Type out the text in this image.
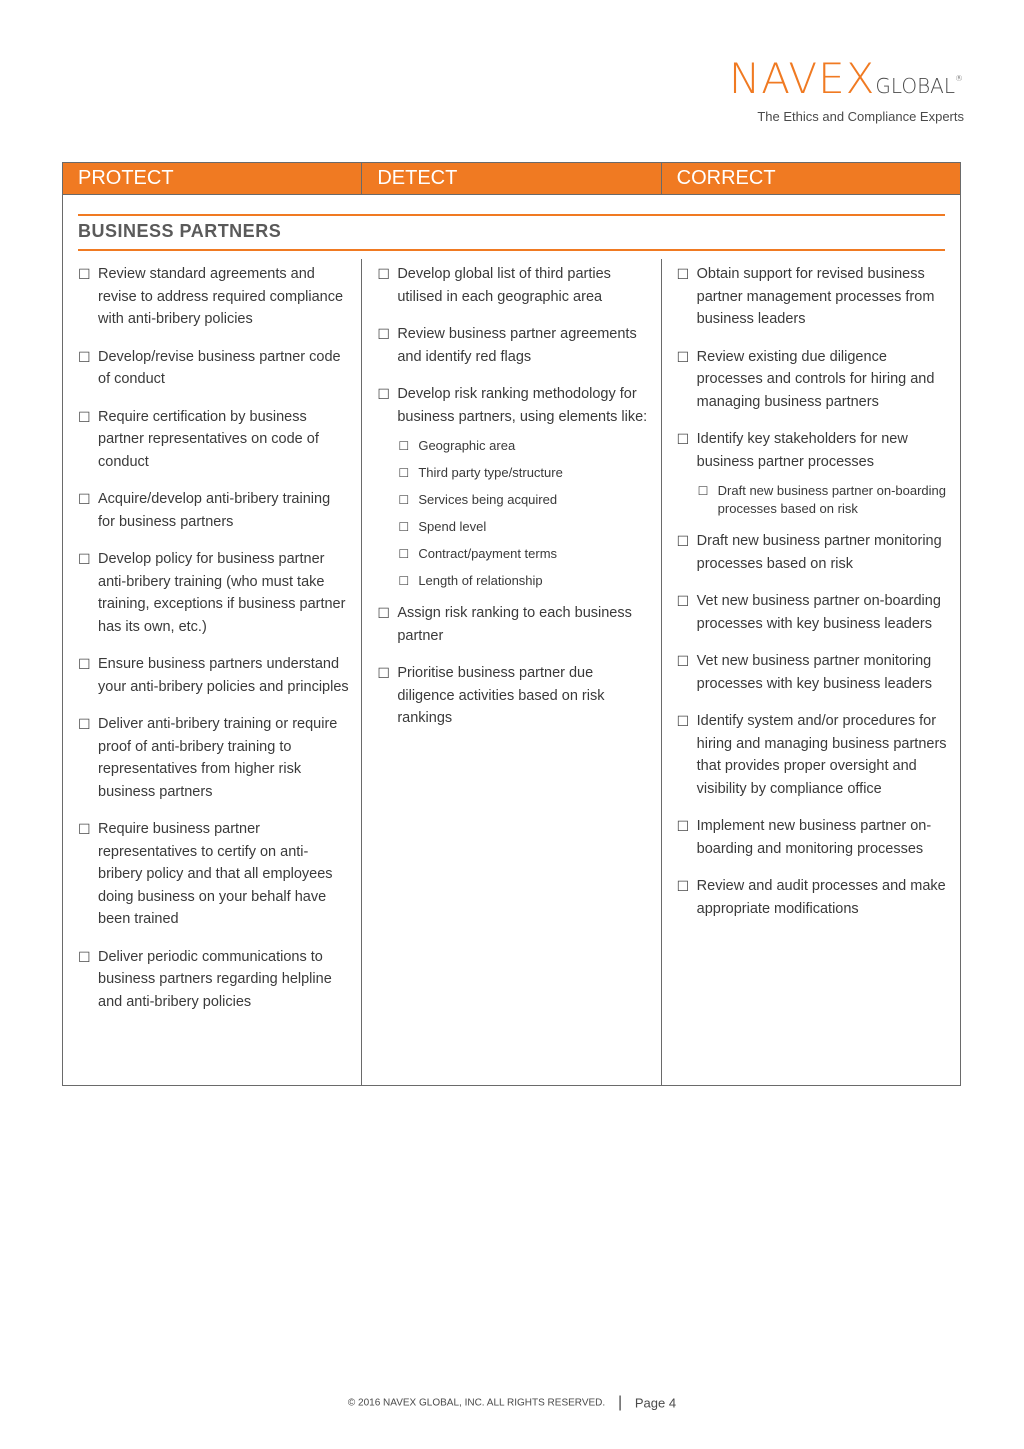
NAVEXGLOBAL®
The Ethics and Compliance Experts
PROTECT	DETECT	CORRECT
BUSINESS PARTNERS
☐ Review standard agreements and revise to address required compliance with anti-bribery policies
☐ Develop/revise business partner code of conduct
☐ Require certification by business partner representatives on code of conduct
☐ Acquire/develop anti-bribery training for business partners
☐ Develop policy for business partner anti-bribery training (who must take training, exceptions if business partner has its own, etc.)
☐ Ensure business partners understand your anti-bribery policies and principles
☐ Deliver anti-bribery training or require proof of anti-bribery training to representatives from higher risk business partners
☐ Require business partner representatives to certify on anti-bribery policy and that all employees doing business on your behalf have been trained
☐ Deliver periodic communications to business partners regarding helpline and anti-bribery policies
☐ Develop global list of third parties utilised in each geographic area
☐ Review business partner agreements and identify red flags
☐ Develop risk ranking methodology for business partners, using elements like:
☐ Geographic area
☐ Third party type/structure
☐ Services being acquired
☐ Spend level
☐ Contract/payment terms
☐ Length of relationship
☐ Assign risk ranking to each business partner
☐ Prioritise business partner due diligence activities based on risk rankings
☐ Obtain support for revised business partner management processes from business leaders
☐ Review existing due diligence processes and controls for hiring and managing business partners
☐ Identify key stakeholders for new business partner processes
☐ Draft new business partner on-boarding processes based on risk
☐ Draft new business partner monitoring processes based on risk
☐ Vet new business partner on-boarding processes with key business leaders
☐ Vet new business partner monitoring processes with key business leaders
☐ Identify system and/or procedures for hiring and managing business partners that provides proper oversight and visibility by compliance office
☐ Implement new business partner on-boarding and monitoring processes
☐ Review and audit processes and make appropriate modifications
© 2016 NAVEX GLOBAL, INC. ALL RIGHTS RESERVED. | Page 4
